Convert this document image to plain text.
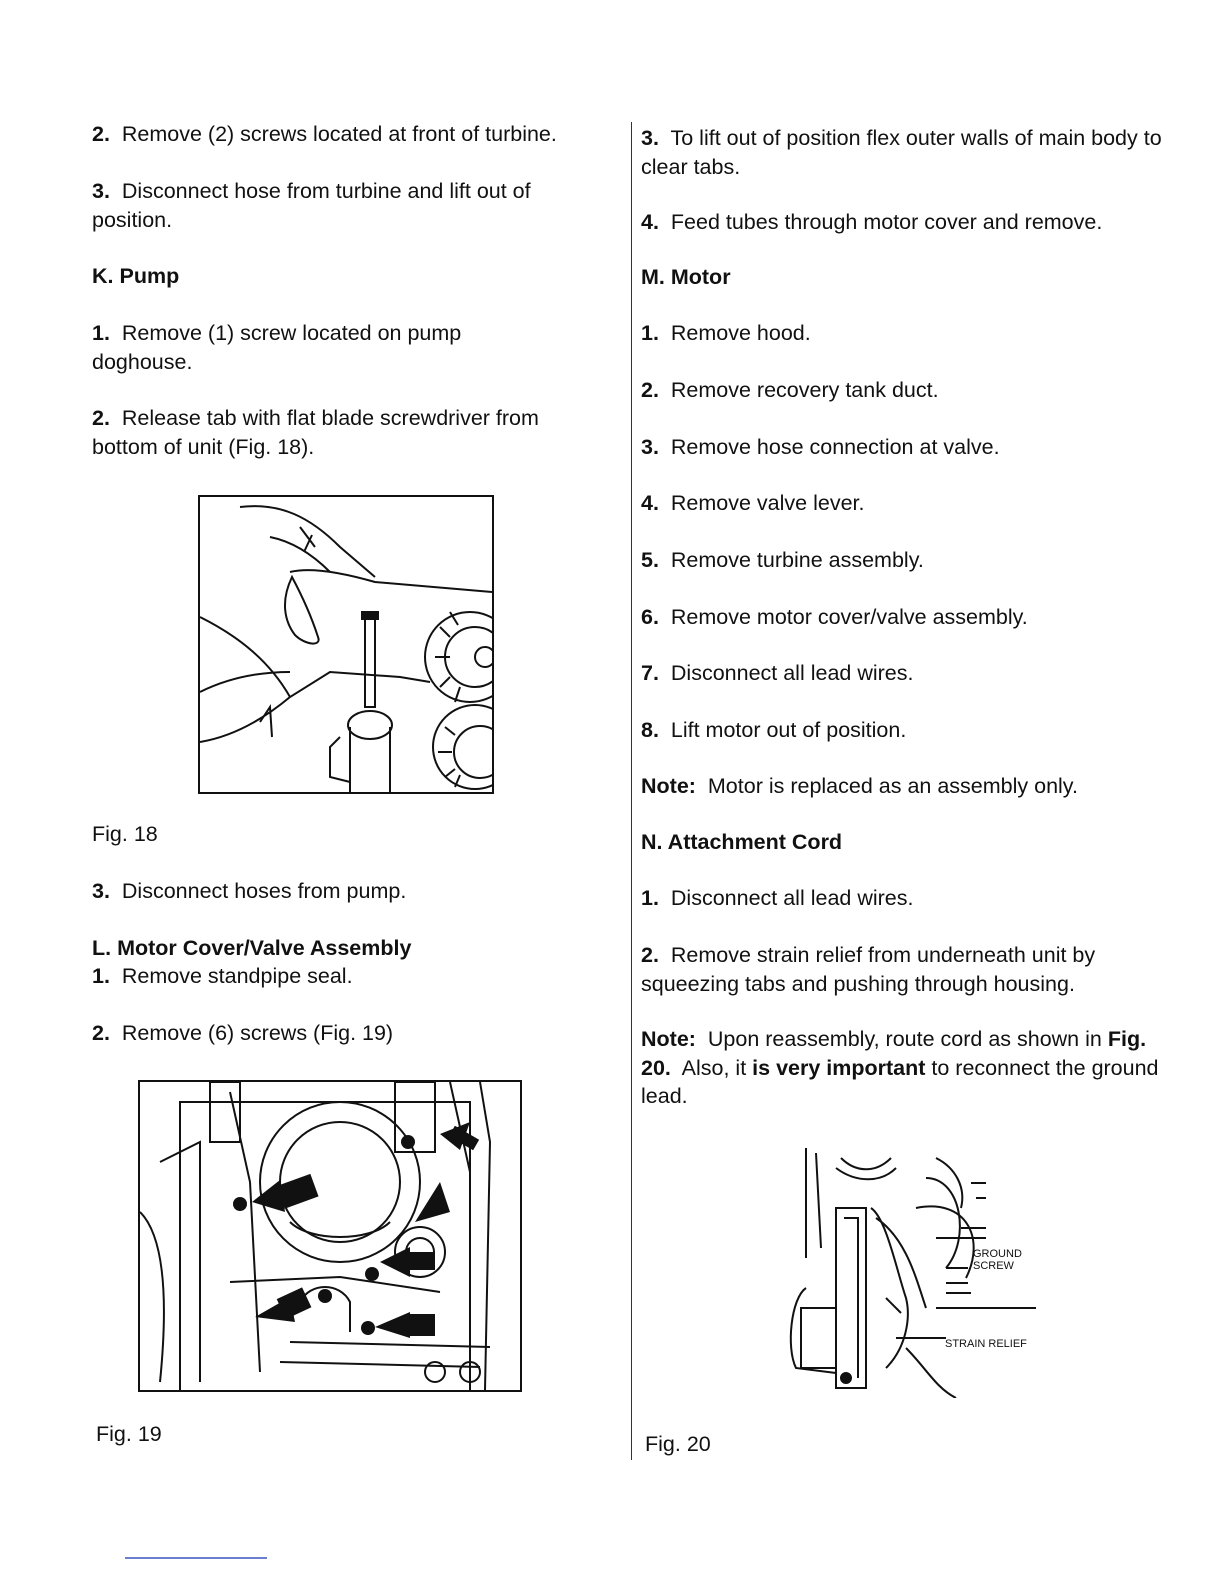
2. Remove (2) screws located at front of turbine.

3. Disconnect hose from turbine and lift out of position.

K. Pump

1. Remove (1) screw located on pump doghouse.

2. Release tab with flat blade screwdriver from bottom of unit (Fig. 18).

Fig. 18

3. Disconnect hoses from pump.

L. Motor Cover/Valve Assembly

1. Remove standpipe seal.

2. Remove (6) screws (Fig. 19)

Fig. 19

3. To lift out of position flex outer walls of main body to clear tabs.

4. Feed tubes through motor cover and remove.

M. Motor

1. Remove hood.

2. Remove recovery tank duct.

3. Remove hose connection at valve.

4. Remove valve lever.

5. Remove turbine assembly.

6. Remove motor cover/valve assembly.

7. Disconnect all lead wires.

8. Lift motor out of position.

Note: Motor is replaced as an assembly only.

N. Attachment Cord

1. Disconnect all lead wires.

2. Remove strain relief from underneath unit by squeezing tabs and pushing through housing.

Note: Upon reassembly, route cord as shown in Fig. 20. Also, it is very important to reconnect the ground lead.

GROUND
SCREW
STRAIN RELIEF
Fig. 20
